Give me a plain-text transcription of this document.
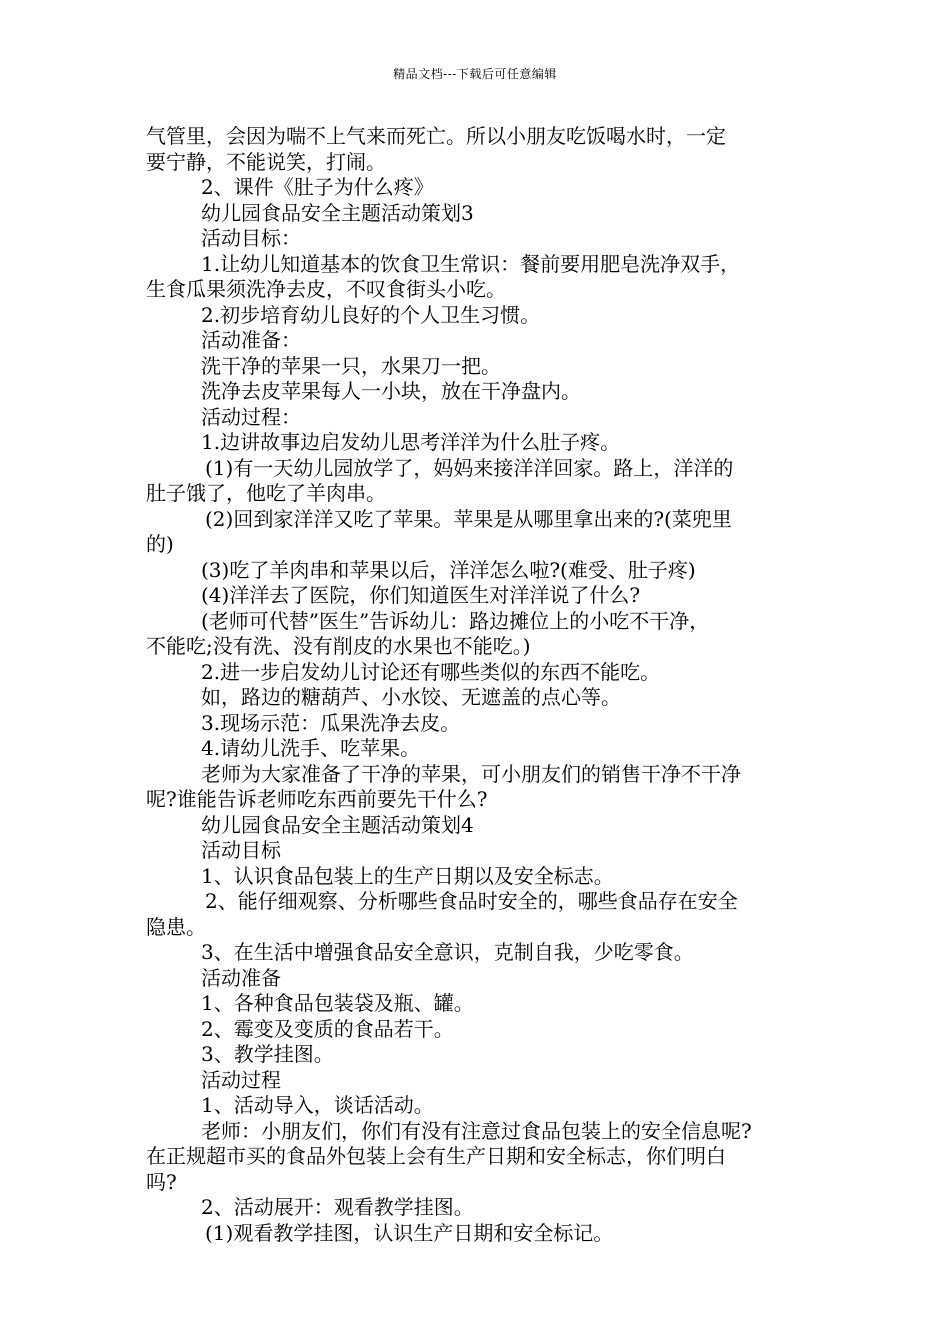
精品文档---下载后可任意编辑
气管里，会因为喘不上气来而死亡。所以小朋友吃饭喝水时，一定
要宁静，不能说笑，打闹。
2、课件《肚子为什么疼》
幼儿园食品安全主题活动策划3
活动目标：
1.让幼儿知道基本的饮食卫生常识：餐前要用肥皂洗净双手，
生食瓜果须洗净去皮，不叹食街头小吃。
2.初步培育幼儿良好的个人卫生习惯。
活动准备：
洗干净的苹果一只，水果刀一把。
洗净去皮苹果每人一小块，放在干净盘内。
活动过程：
1.边讲故事边启发幼儿思考洋洋为什么肚子疼。
(1)有一天幼儿园放学了，妈妈来接洋洋回家。路上，洋洋的
肚子饿了，他吃了羊肉串。
(2)回到家洋洋又吃了苹果。苹果是从哪里拿出来的?(菜兜里
的)
(3)吃了羊肉串和苹果以后，洋洋怎么啦?(难受、肚子疼)
(4)洋洋去了医院，你们知道医生对洋洋说了什么?
(老师可代替”医生”告诉幼儿：路边摊位上的小吃不干净，
不能吃;没有洗、没有削皮的水果也不能吃。)
2.进一步启发幼儿讨论还有哪些类似的东西不能吃。
如，路边的糖葫芦、小水饺、无遮盖的点心等。
3.现场示范：瓜果洗净去皮。
4.请幼儿洗手、吃苹果。
老师为大家准备了干净的苹果，可小朋友们的销售干净不干净
呢?谁能告诉老师吃东西前要先干什么?
幼儿园食品安全主题活动策划4
活动目标
1、认识食品包装上的生产日期以及安全标志。
2、能仔细观察、分析哪些食品时安全的，哪些食品存在安全
隐患。
3、在生活中增强食品安全意识，克制自我，少吃零食。
活动准备
1、各种食品包装袋及瓶、罐。
2、霉变及变质的食品若干。
3、教学挂图。
活动过程
1、活动导入，谈话活动。
老师：小朋友们，你们有没有注意过食品包装上的安全信息呢?
在正规超市买的食品外包装上会有生产日期和安全标志，你们明白
吗?
2、活动展开：观看教学挂图。
(1)观看教学挂图，认识生产日期和安全标记。
